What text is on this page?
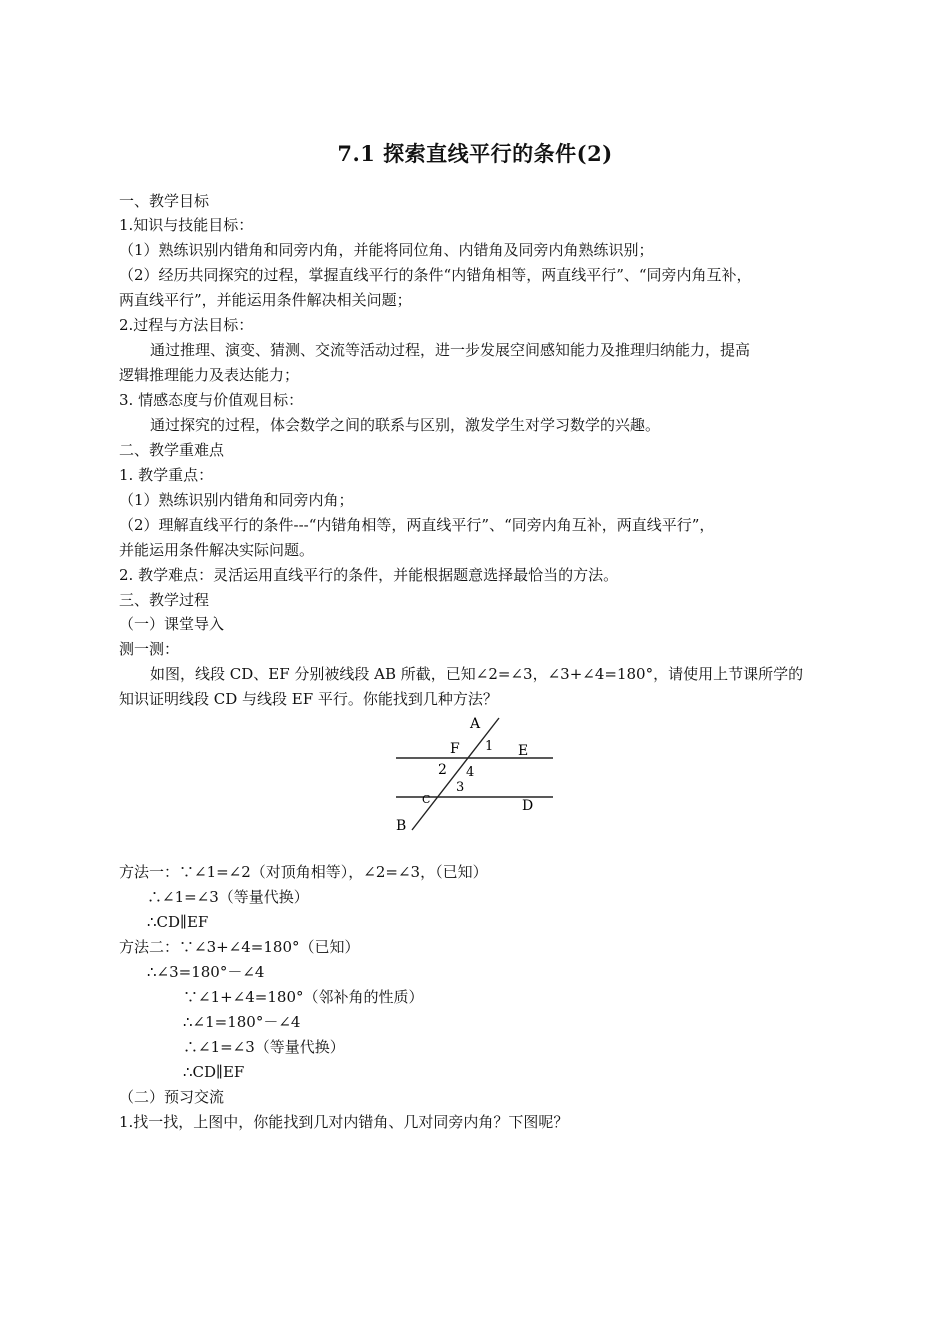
7.1 探索直线平行的条件(2)
一、教学目标
1.知识与技能目标：
（1）熟练识别内错角和同旁内角，并能将同位角、内错角及同旁内角熟练识别；
（2）经历共同探究的过程，掌握直线平行的条件“内错角相等，两直线平行”、“同旁内角互补，
两直线平行”，并能运用条件解决相关问题；
2.过程与方法目标：
通过推理、演变、猜测、交流等活动过程，进一步发展空间感知能力及推理归纳能力，提高
逻辑推理能力及表达能力；
3. 情感态度与价值观目标：
通过探究的过程，体会数学之间的联系与区别，激发学生对学习数学的兴趣。
二、教学重难点
1. 教学重点：
（1）熟练识别内错角和同旁内角；
（2）理解直线平行的条件---“内错角相等，两直线平行”、“同旁内角互补，两直线平行”，
并能运用条件解决实际问题。
2. 教学难点：灵活运用直线平行的条件，并能根据题意选择最恰当的方法。
三、教学过程
（一）课堂导入
测一测：
如图，线段 CD、EF 分别被线段 AB 所截，已知∠2=∠3，∠3+∠4=180°，请使用上节课所学的
知识证明线段 CD 与线段 EF 平行。你能找到几种方法？
A
F 1 E
2 4
3
C	D
B
方法一：∵∠1=∠2（对顶角相等），∠2=∠3，（已知）
∴∠1=∠3（等量代换）
∴CD∥EF
方法二：∵∠3+∠4=180°（已知）
∴∠3=180°－∠4
∵∠1+∠4=180°（邻补角的性质）
∴∠1=180°－∠4
∴∠1=∠3（等量代换）
∴CD∥EF
（二）预习交流
1.找一找，上图中，你能找到几对内错角、几对同旁内角？下图呢？
